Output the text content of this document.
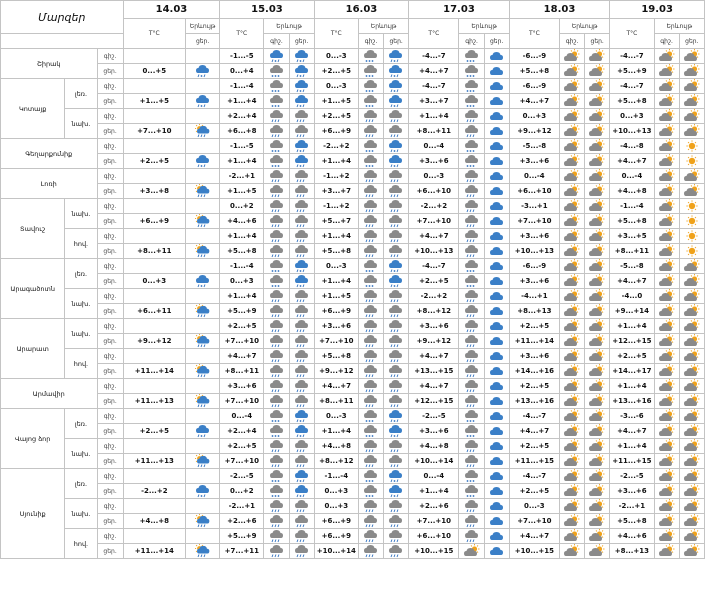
Մարզեր			14.03		15.03			16.03			17.03			18.03			19.03		
			T°C	Երևույթ	T°C	Երևույթ		T°C	Երևույթ		T°C	Երևույթ		T°C	Երևույթ		T°C	Երևույթ	
				ցեր.		գիշ.	ցեր.		գիշ.	ցեր.		գիշ.	ցեր.		գիշ.	ցեր.		գիշ.	ցեր.
Շիրակ		գիշ.			-1...-5			0...-3			-4...-7			-6...-9			-4...-7	

		ցեր.	0...+5		0...+4			+2...+5			+4...+7			+5...+8			+5...+9	

Կոտայք	լեռ.	գիշ.			-1...-4			0...-3			-4...-7			-6...-9			-4...-7	

		ցեր.	+1...+5		+1...+4			+1...+5			+3...+7			+4...+7			+5...+8	

	նախ.	գիշ.			+2...+4			+2...+5			+1...+4			0...+3			0...+3	

		ցեր.	+7...+10		+6...+8			+6...+9			+8...+11			+9...+12			+10...+13	

Գեղարքունիք		գիշ.			-1...-5			-2...+2			0...-4			-5...-8			-4...-8	

		ցեր.	+2...+5		+1...+4			+1...+4			+3...+6			+3...+6			+4...+7	

Լոռի		գիշ.			-2...+1			-1...+2			0...-3			0...-4			0...-4	

		ցեր.	+3...+8		+1...+5			+3...+7			+6...+10			+6...+10			+4...+8	

Տավուշ	նախ.	գիշ.			0...+2			-1...+2			-2...+2			-3...+1			-1...-4	

		ցեր.	+6...+9		+4...+6			+5...+7			+7...+10			+7...+10			+5...+8	

	հով.	գիշ.			+1...+4			+1...+4			+4...+7			+3...+6			+3...+5	

		ցեր.	+8...+11		+5...+8			+5...+8			+10...+13			+10...+13			+8...+11	

Արագածոտն	լեռ.	գիշ.			-1...-4			0...-3			-4...-7			-6...-9			-5...-8	

		ցեր.	0...+3		0...+3			+1...+4			+2...+5			+3...+6			+4...+7	

	նախ.	գիշ.			+1...+4			+1...+5			-2...+2			-4...+1			-4...0	

		ցեր.	+6...+11		+5...+9			+6...+9			+8...+12			+8...+13			+9...+14	

Արարատ	նախ.	գիշ.			+2...+5			+3...+6			+3...+6			+2...+5			+1...+4	

		ցեր.	+9...+12		+7...+10			+7...+10			+9...+12			+11...+14			+12...+15	

	հով.	գիշ.			+4...+7			+5...+8			+4...+7			+3...+6			+2...+5	

		ցեր.	+11...+14		+8...+11			+9...+12			+13...+15			+14...+16			+14...+17	

Արմավիր		գիշ.			+3...+6			+4...+7			+4...+7			+2...+5			+1...+4	

		ցեր.	+11...+13		+7...+10			+8...+11			+12...+15			+13...+16			+13...+16	

Վայոց ձոր	լեռ.	գիշ.			0...-4			0...-3			-2...-5			-4...-7			-3...-6	

		ցեր.	+2...+5		+2...+4			+1...+4			+3...+6			+4...+7			+4...+7	

	նախ.	գիշ.			+2...+5			+4...+8			+4...+8			+2...+5			+1...+4	

		ցեր.	+11...+13		+7...+10			+8...+12			+10...+14			+11...+15			+11...+15	

Սյունիք	լեռ.	գիշ.			-2...-5			-1...-4			0...-4			-4...-7			-2...-5	

		ցեր.	-2...+2		0...+2			0...+3			+1...+4			+2...+5			+3...+6	

	նախ.	գիշ.			-2...+1			0...+3			+2...+6			0...-3			-2...+1	

		ցեր.	+4...+8		+2...+6			+6...+9			+7...+10			+7...+10			+5...+8	

	հով.	գիշ.			+5...+9			+6...+9			+6...+10			+4...+7			+4...+6	

		ցեր.	+11...+14		+7...+11			+10...+14			+10...+15			+10...+15			+8...+13	
